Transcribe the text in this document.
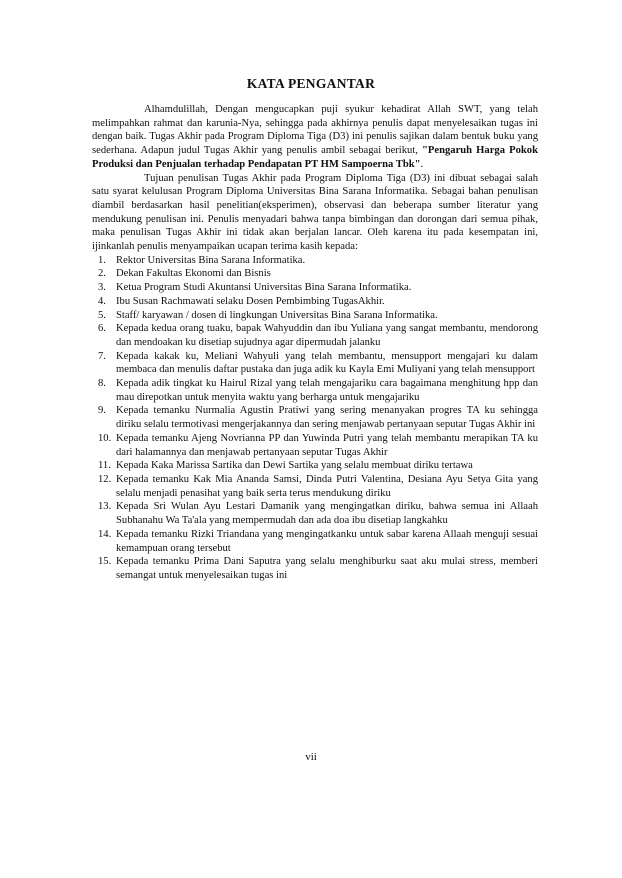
KATA PENGANTAR

Alhamdulillah, Dengan mengucapkan puji syukur kehadirat Allah SWT, yang telah melimpahkan rahmat dan karunia-Nya, sehingga pada akhirnya penulis dapat menyelesaikan tugas ini dengan baik. Tugas Akhir pada Program Diploma Tiga (D3) ini penulis sajikan dalam bentuk buku yang sederhana. Adapun judul Tugas Akhir yang penulis ambil sebagai berikut, "Pengaruh Harga Pokok Produksi dan Penjualan terhadap Pendapatan PT HM Sampoerna Tbk".

Tujuan penulisan Tugas Akhir pada Program Diploma Tiga (D3) ini dibuat sebagai salah satu syarat kelulusan Program Diploma Universitas Bina Sarana Informatika. Sebagai bahan penulisan diambil berdasarkan hasil penelitian(eksperimen), observasi dan beberapa sumber literatur yang mendukung penulisan ini. Penulis menyadari bahwa tanpa bimbingan dan dorongan dari semua pihak, maka penulisan Tugas Akhir ini tidak akan berjalan lancar. Oleh karena itu pada kesempatan ini, ijinkanlah penulis menyampaikan ucapan terima kasih kepada:

1. Rektor Universitas Bina Sarana Informatika.
2. Dekan Fakultas Ekonomi dan Bisnis
3. Ketua Program Studi Akuntansi Universitas Bina Sarana Informatika.
4. Ibu Susan Rachmawati selaku Dosen Pembimbing TugasAkhir.
5. Staff/ karyawan / dosen di lingkungan Universitas Bina Sarana Informatika.
6. Kepada kedua orang tuaku, bapak Wahyuddin dan ibu Yuliana yang sangat membantu, mendorong dan mendoakan ku disetiap sujudnya agar dipermudah jalanku
7. Kepada kakak ku, Meliani Wahyuli yang telah membantu, mensupport mengajari ku dalam membaca dan menulis daftar pustaka dan juga adik ku Kayla Emi Muliyani yang telah mensupport
8. Kepada adik tingkat ku Hairul Rizal yang telah mengajariku cara bagaimana menghitung hpp dan mau direpotkan untuk menyita waktu yang berharga untuk mengajariku
9. Kepada temanku Nurmalia Agustin Pratiwi yang sering menanyakan progres TA ku sehingga diriku selalu termotivasi mengerjakannya dan sering menjawab pertanyaan seputar Tugas Akhir ini
10. Kepada temanku Ajeng Novrianna PP dan Yuwinda Putri yang telah membantu merapikan TA ku dari halamannya dan menjawab pertanyaan seputar Tugas Akhir
11. Kepada Kaka Marissa Sartika dan Dewi Sartika yang selalu membuat diriku tertawa
12. Kepada temanku Kak Mia Ananda Samsi, Dinda Putri Valentina, Desiana Ayu Setya Gita yang selalu menjadi penasihat yang baik serta terus mendukung diriku
13. Kepada Sri Wulan Ayu Lestari Damanik yang mengingatkan diriku, bahwa semua ini Allaah Subhanahu Wa Ta'ala yang mempermudah dan ada doa ibu disetiap langkahku
14. Kepada temanku Rizki Triandana yang mengingatkanku untuk sabar karena Allaah menguji sesuai kemampuan orang tersebut
15. Kepada temanku Prima Dani Saputra yang selalu menghiburku saat aku mulai stress, memberi semangat untuk menyelesaikan tugas ini
vii
